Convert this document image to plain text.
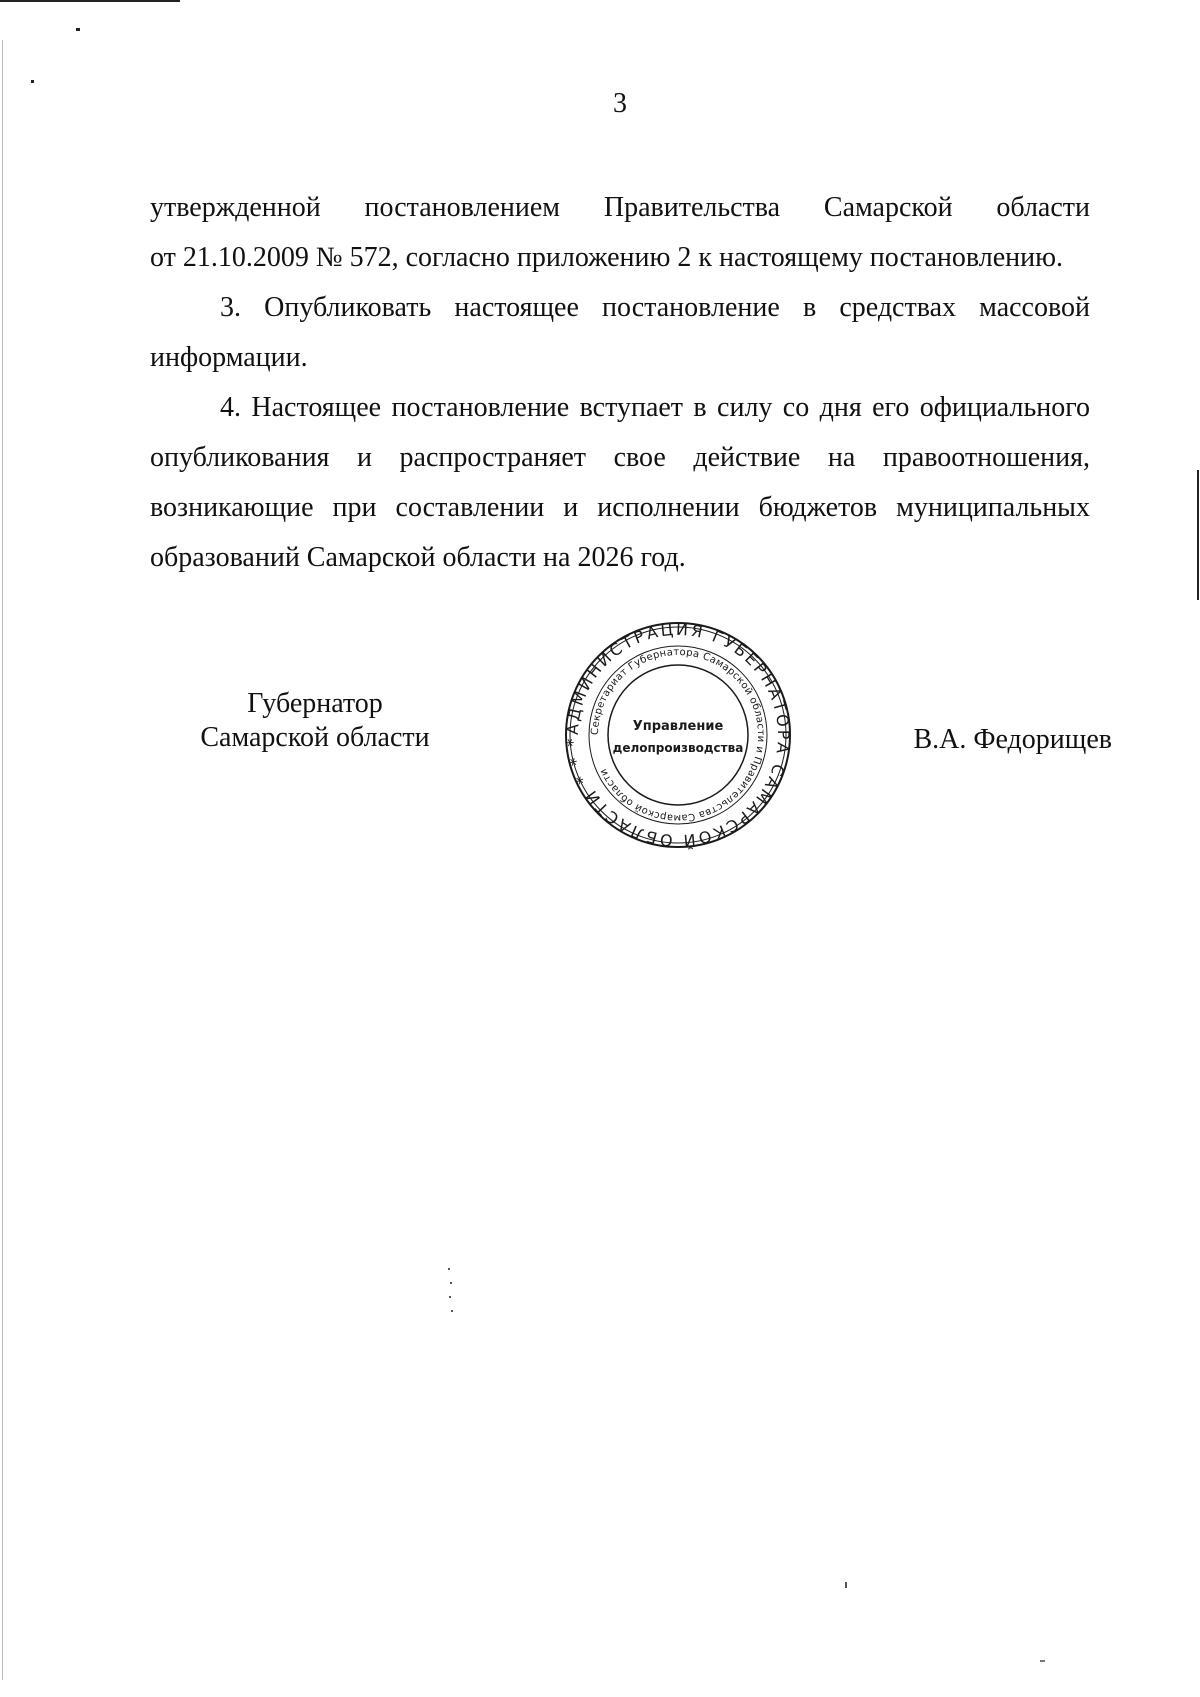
3

утвержденной постановлением Правительства Самарской области

от 21.10.2009 № 572, согласно приложению 2 к настоящему постановлению.

3. Опубликовать настоящее постановление в средствах массовой информации.

4. Настоящее постановление вступает в силу со дня его официального опубликования и распространяет свое действие на правоотношения, возникающие при составлении и исполнении бюджетов муниципальных образований Самарской области на 2026 год.

Губернатор
Самарской области	В.А. Федорищев
АДМИНИСТРАЦИЯ ГУБЕРНАТОРА САМАРСКОЙ ОБЛАСТИ * * *
Секретариат Губернатора Самарской области и Правительства Самарской области
Управление
делопроизводства
